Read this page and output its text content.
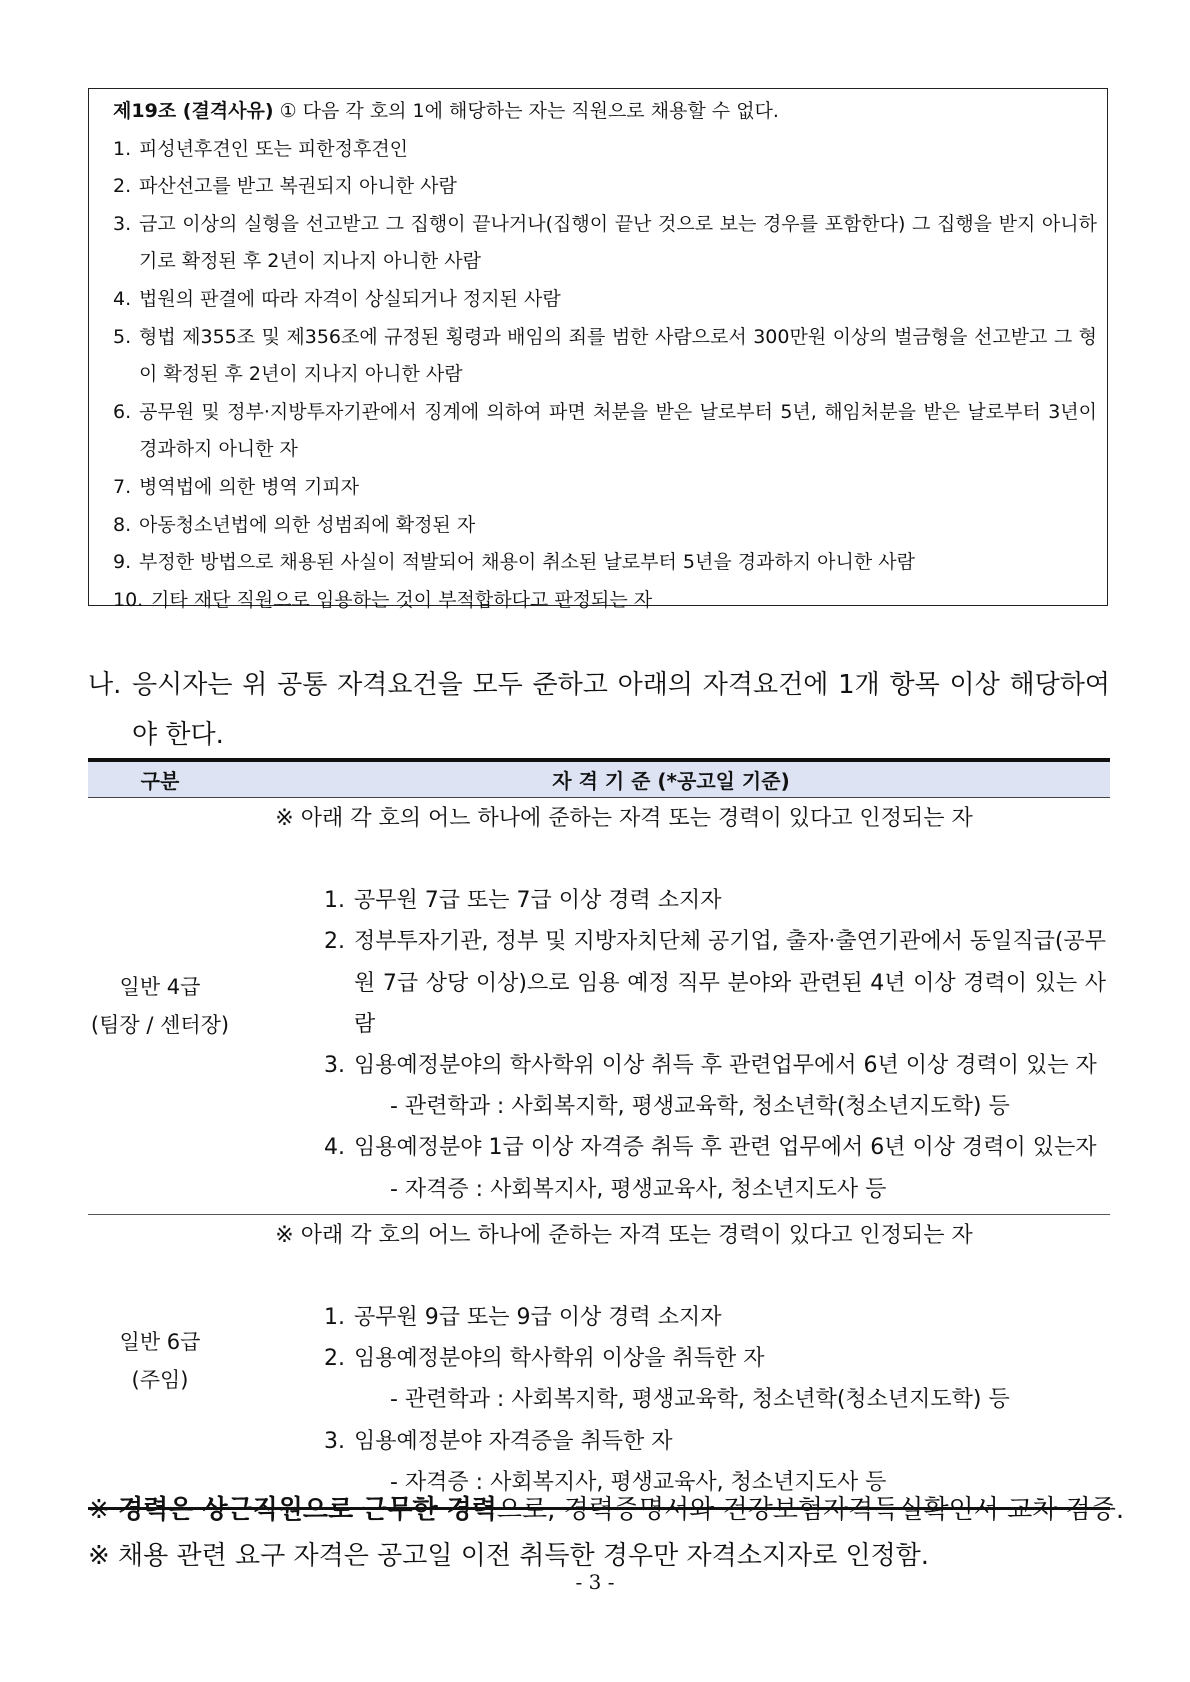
제19조 (결격사유) ① 다음 각 호의 1에 해당하는 자는 직원으로 채용할 수 없다.
1. 피성년후견인 또는 피한정후견인
2. 파산선고를 받고 복권되지 아니한 사람
3. 금고 이상의 실형을 선고받고 그 집행이 끝나거나(집행이 끝난 것으로 보는 경우를 포함한다) 그 집행을 받지 아니하기로 확정된 후 2년이 지나지 아니한 사람
4. 법원의 판결에 따라 자격이 상실되거나 정지된 사람
5. 형법 제355조 및 제356조에 규정된 횡령과 배임의 죄를 범한 사람으로서 300만원 이상의 벌금형을 선고받고 그 형이 확정된 후 2년이 지나지 아니한 사람
6. 공무원 및 정부·지방투자기관에서 징계에 의하여 파면 처분을 받은 날로부터 5년, 해임처분을 받은 날로부터 3년이 경과하지 아니한 자
7. 병역법에 의한 병역 기피자
8. 아동청소년법에 의한 성범죄에 확정된 자
9. 부정한 방법으로 채용된 사실이 적발되어 채용이 취소된 날로부터 5년을 경과하지 아니한 사람
10. 기타 재단 직원으로 임용하는 것이 부적합하다고 판정되는 자
나. 응시자는 위 공통 자격요건을 모두 준하고 아래의 자격요건에 1개 항목 이상 해당하여야 한다.
구분	자 격 기 준 (*공고일 기준)
일반 4급
(팀장 / 센터장)
※ 아래 각 호의 어느 하나에 준하는 자격 또는 경력이 있다고 인정되는 자
1. 공무원 7급 또는 7급 이상 경력 소지자
2. 정부투자기관, 정부 및 지방자치단체 공기업, 출자·출연기관에서 동일직급(공무원 7급 상당 이상)으로 임용 예정 직무 분야와 관련된 4년 이상 경력이 있는 사람
3. 임용예정분야의 학사학위 이상 취득 후 관련업무에서 6년 이상 경력이 있는 자
- 관련학과 : 사회복지학, 평생교육학, 청소년학(청소년지도학) 등
4. 임용예정분야 1급 이상 자격증 취득 후 관련 업무에서 6년 이상 경력이 있는자
- 자격증 : 사회복지사, 평생교육사, 청소년지도사 등
일반 6급
(주임)
※ 아래 각 호의 어느 하나에 준하는 자격 또는 경력이 있다고 인정되는 자
1. 공무원 9급 또는 9급 이상 경력 소지자
2. 임용예정분야의 학사학위 이상을 취득한 자
- 관련학과 : 사회복지학, 평생교육학, 청소년학(청소년지도학) 등
3. 임용예정분야 자격증을 취득한 자
- 자격증 : 사회복지사, 평생교육사, 청소년지도사 등
※ 경력은 상근직원으로 근무한 경력으로, 경력증명서와 건강보험자격득실확인서 교차 검증.
※ 채용 관련 요구 자격은 공고일 이전 취득한 경우만 자격소지자로 인정함.
- 3 -
